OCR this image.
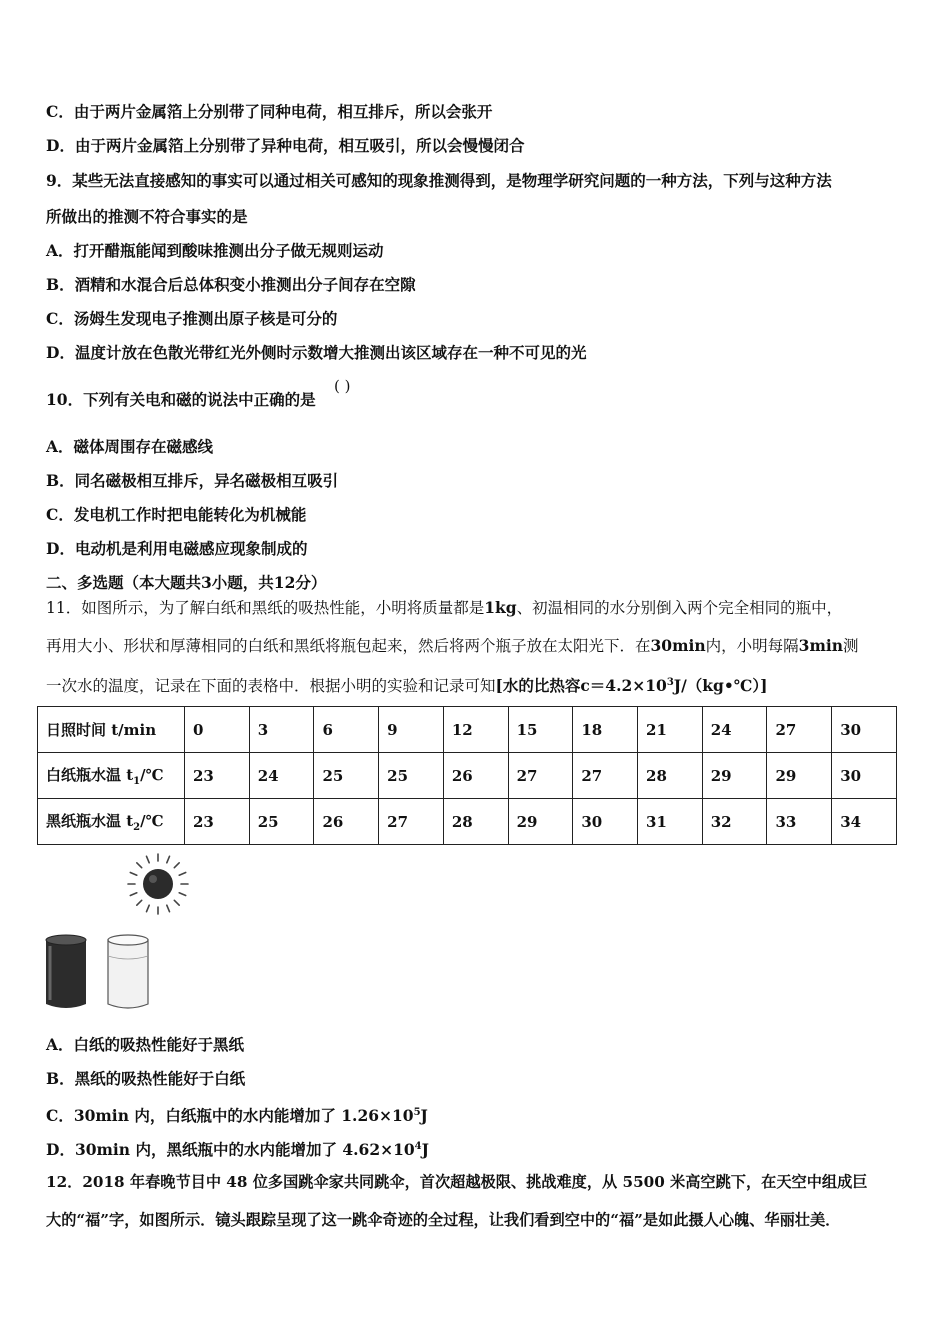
C．由于两片金属箔上分别带了同种电荷，相互排斥，所以会张开
D．由于两片金属箔上分别带了异种电荷，相互吸引，所以会慢慢闭合
9．某些无法直接感知的事实可以通过相关可感知的现象推测得到，是物理学研究问题的一种方法，下列与这种方法
所做出的推测不符合事实的是
A．打开醋瓶能闻到酸味推测出分子做无规则运动
B．酒精和水混合后总体积变小推测出分子间存在空隙
C．汤姆生发现电子推测出原子核是可分的
D．温度计放在色散光带红光外侧时示数增大推测出该区域存在一种不可见的光
10．下列有关电和磁的说法中正确的是
( )
A．磁体周围存在磁感线
B．同名磁极相互排斥，异名磁极相互吸引
C．发电机工作时把电能转化为机械能
D．电动机是利用电磁感应现象制成的
二、多选题（本大题共3小题，共12分）
11．如图所示，为了解白纸和黑纸的吸热性能，小明将质量都是1kg、初温相同的水分别倒入两个完全相同的瓶中，
再用大小、形状和厚薄相同的白纸和黑纸将瓶包起来，然后将两个瓶子放在太阳光下．在30min内，小明每隔3min测
一次水的温度，记录在下面的表格中．根据小明的实验和记录可知[水的比热容$c=4.2\times 10^3J/(kg•℃)$]
日照时间 t/min	0	3	6	9	12	15	18	21	24	27	30
白纸瓶水温 $t_1/℃$	23	24	25	25	26	27	27	28	29	29	30
黑纸瓶水温 $t_2/℃$	23	25	26	27	28	29	30	31	32	33	34
A．白纸的吸热性能好于黑纸
B．黑纸的吸热性能好于白纸
C．30min 内，白纸瓶中的水内能增加了 $1.26\times 10^5J$
D．30min 内，黑纸瓶中的水内能增加了 $4.62\times 10^4J$
12．2018 年春晚节目中 48 位多国跳伞家共同跳伞，首次超越极限、挑战难度，从 5500 米高空跳下，在天空中组成巨
大的“福”字，如图所示．镜头跟踪呈现了这一跳伞奇迹的全过程，让我们看到空中的“福”是如此摄人心魄、华丽壮美．
